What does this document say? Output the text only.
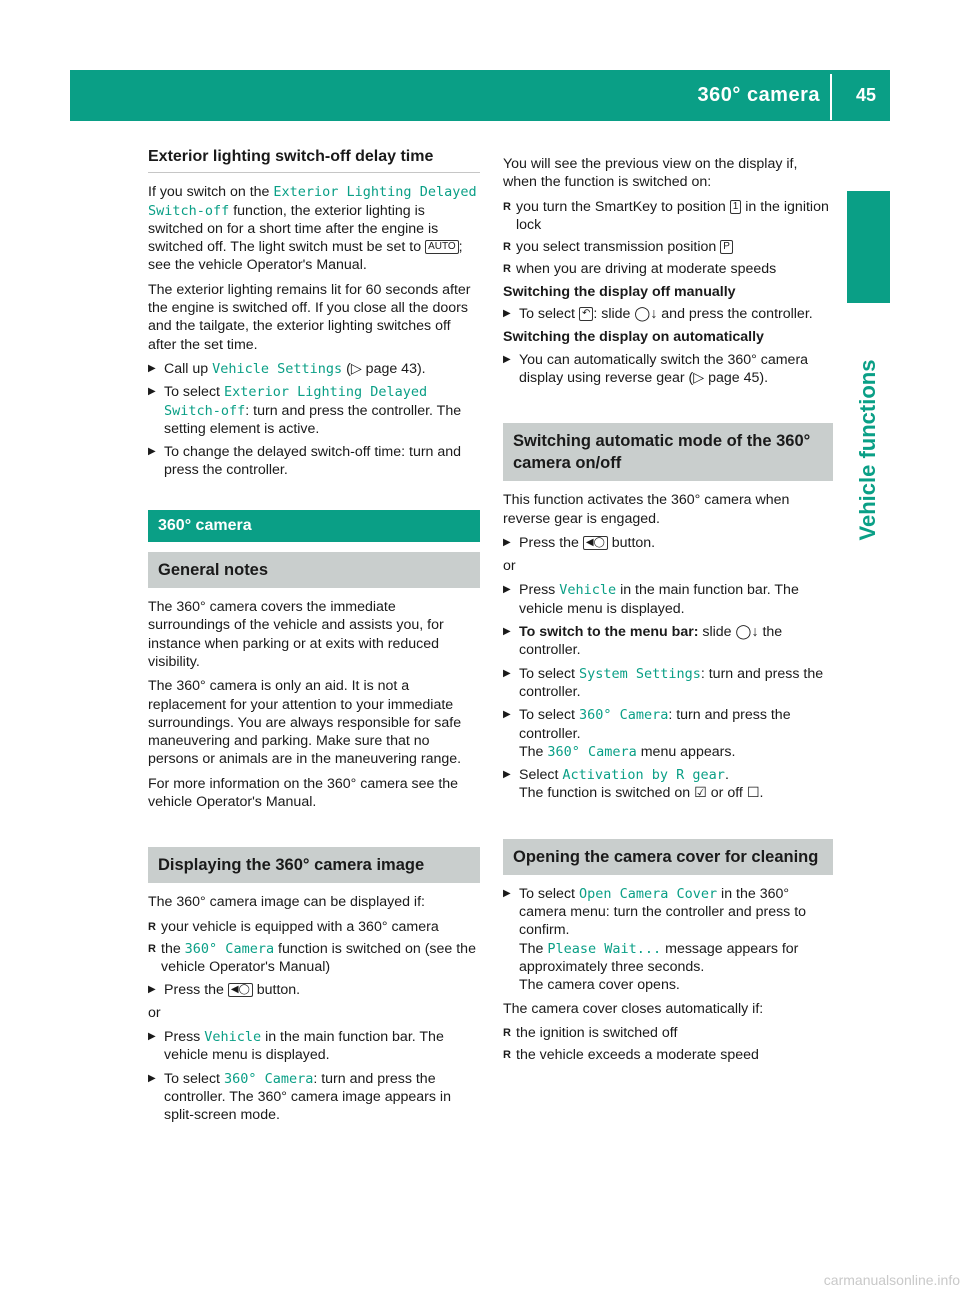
360° camera 45
Vehicle functions
Exterior lighting switch-off delay time

If you switch on the Exterior Lighting Delayed Switch-off function, the exterior lighting is switched on for a short time after the engine is switched off. The light switch must be set to AUTO ; see the vehicle Operator's Manual.

The exterior lighting remains lit for 60 seconds after the engine is switched off. If you close all the doors and the tailgate, the exterior lighting switches off after the set time.

▶ Call up Vehicle Settings (▷ page 43).

▶ To select Exterior Lighting Delayed Switch-off: turn and press the controller. The setting element is active.

▶ To change the delayed switch-off time: turn and press the controller.

360° camera
General notes

The 360° camera covers the immediate surroundings of the vehicle and assists you, for instance when parking or at exits with reduced visibility.

The 360° camera is only an aid. It is not a replacement for your attention to your immediate surroundings. You are always responsible for safe maneuvering and parking. Make sure that no persons or animals are in the maneuvering range.

For more information on the 360° camera see the vehicle Operator's Manual.

Displaying the 360° camera image

The 360° camera image can be displayed if:

R your vehicle is equipped with a 360° camera

R the 360° Camera function is switched on (see the vehicle Operator's Manual)

▶ Press the ◀◯ button.

or

▶ Press Vehicle in the main function bar. The vehicle menu is displayed.

▶ To select 360° Camera: turn and press the controller. The 360° camera image appears in split-screen mode.

You will see the previous view on the display if, when the function is switched on:

R you turn the SmartKey to position 1 in the ignition lock

R you select transmission position P

R when you are driving at moderate speeds

Switching the display off manually

▶ To select ↶ : slide ◯↓ and press the controller.

Switching the display on automatically

▶ You can automatically switch the 360° camera display using reverse gear (▷ page 45).

Switching automatic mode of the 360° camera on/off

This function activates the 360° camera when reverse gear is engaged.

▶ Press the ◀◯ button.

or

▶ Press Vehicle in the main function bar. The vehicle menu is displayed.

▶ To switch to the menu bar: slide ◯↓ the controller.

▶ To select System Settings: turn and press the controller.

▶ To select 360° Camera: turn and press the controller.
The 360° Camera menu appears.

▶ Select Activation by R gear.
The function is switched on ☑ or off ☐.

Opening the camera cover for cleaning

▶ To select Open Camera Cover in the 360° camera menu: turn the controller and press to confirm.
The Please Wait... message appears for approximately three seconds.
The camera cover opens.

The camera cover closes automatically if:

R the ignition is switched off

R the vehicle exceeds a moderate speed

carmanualsonline.info
